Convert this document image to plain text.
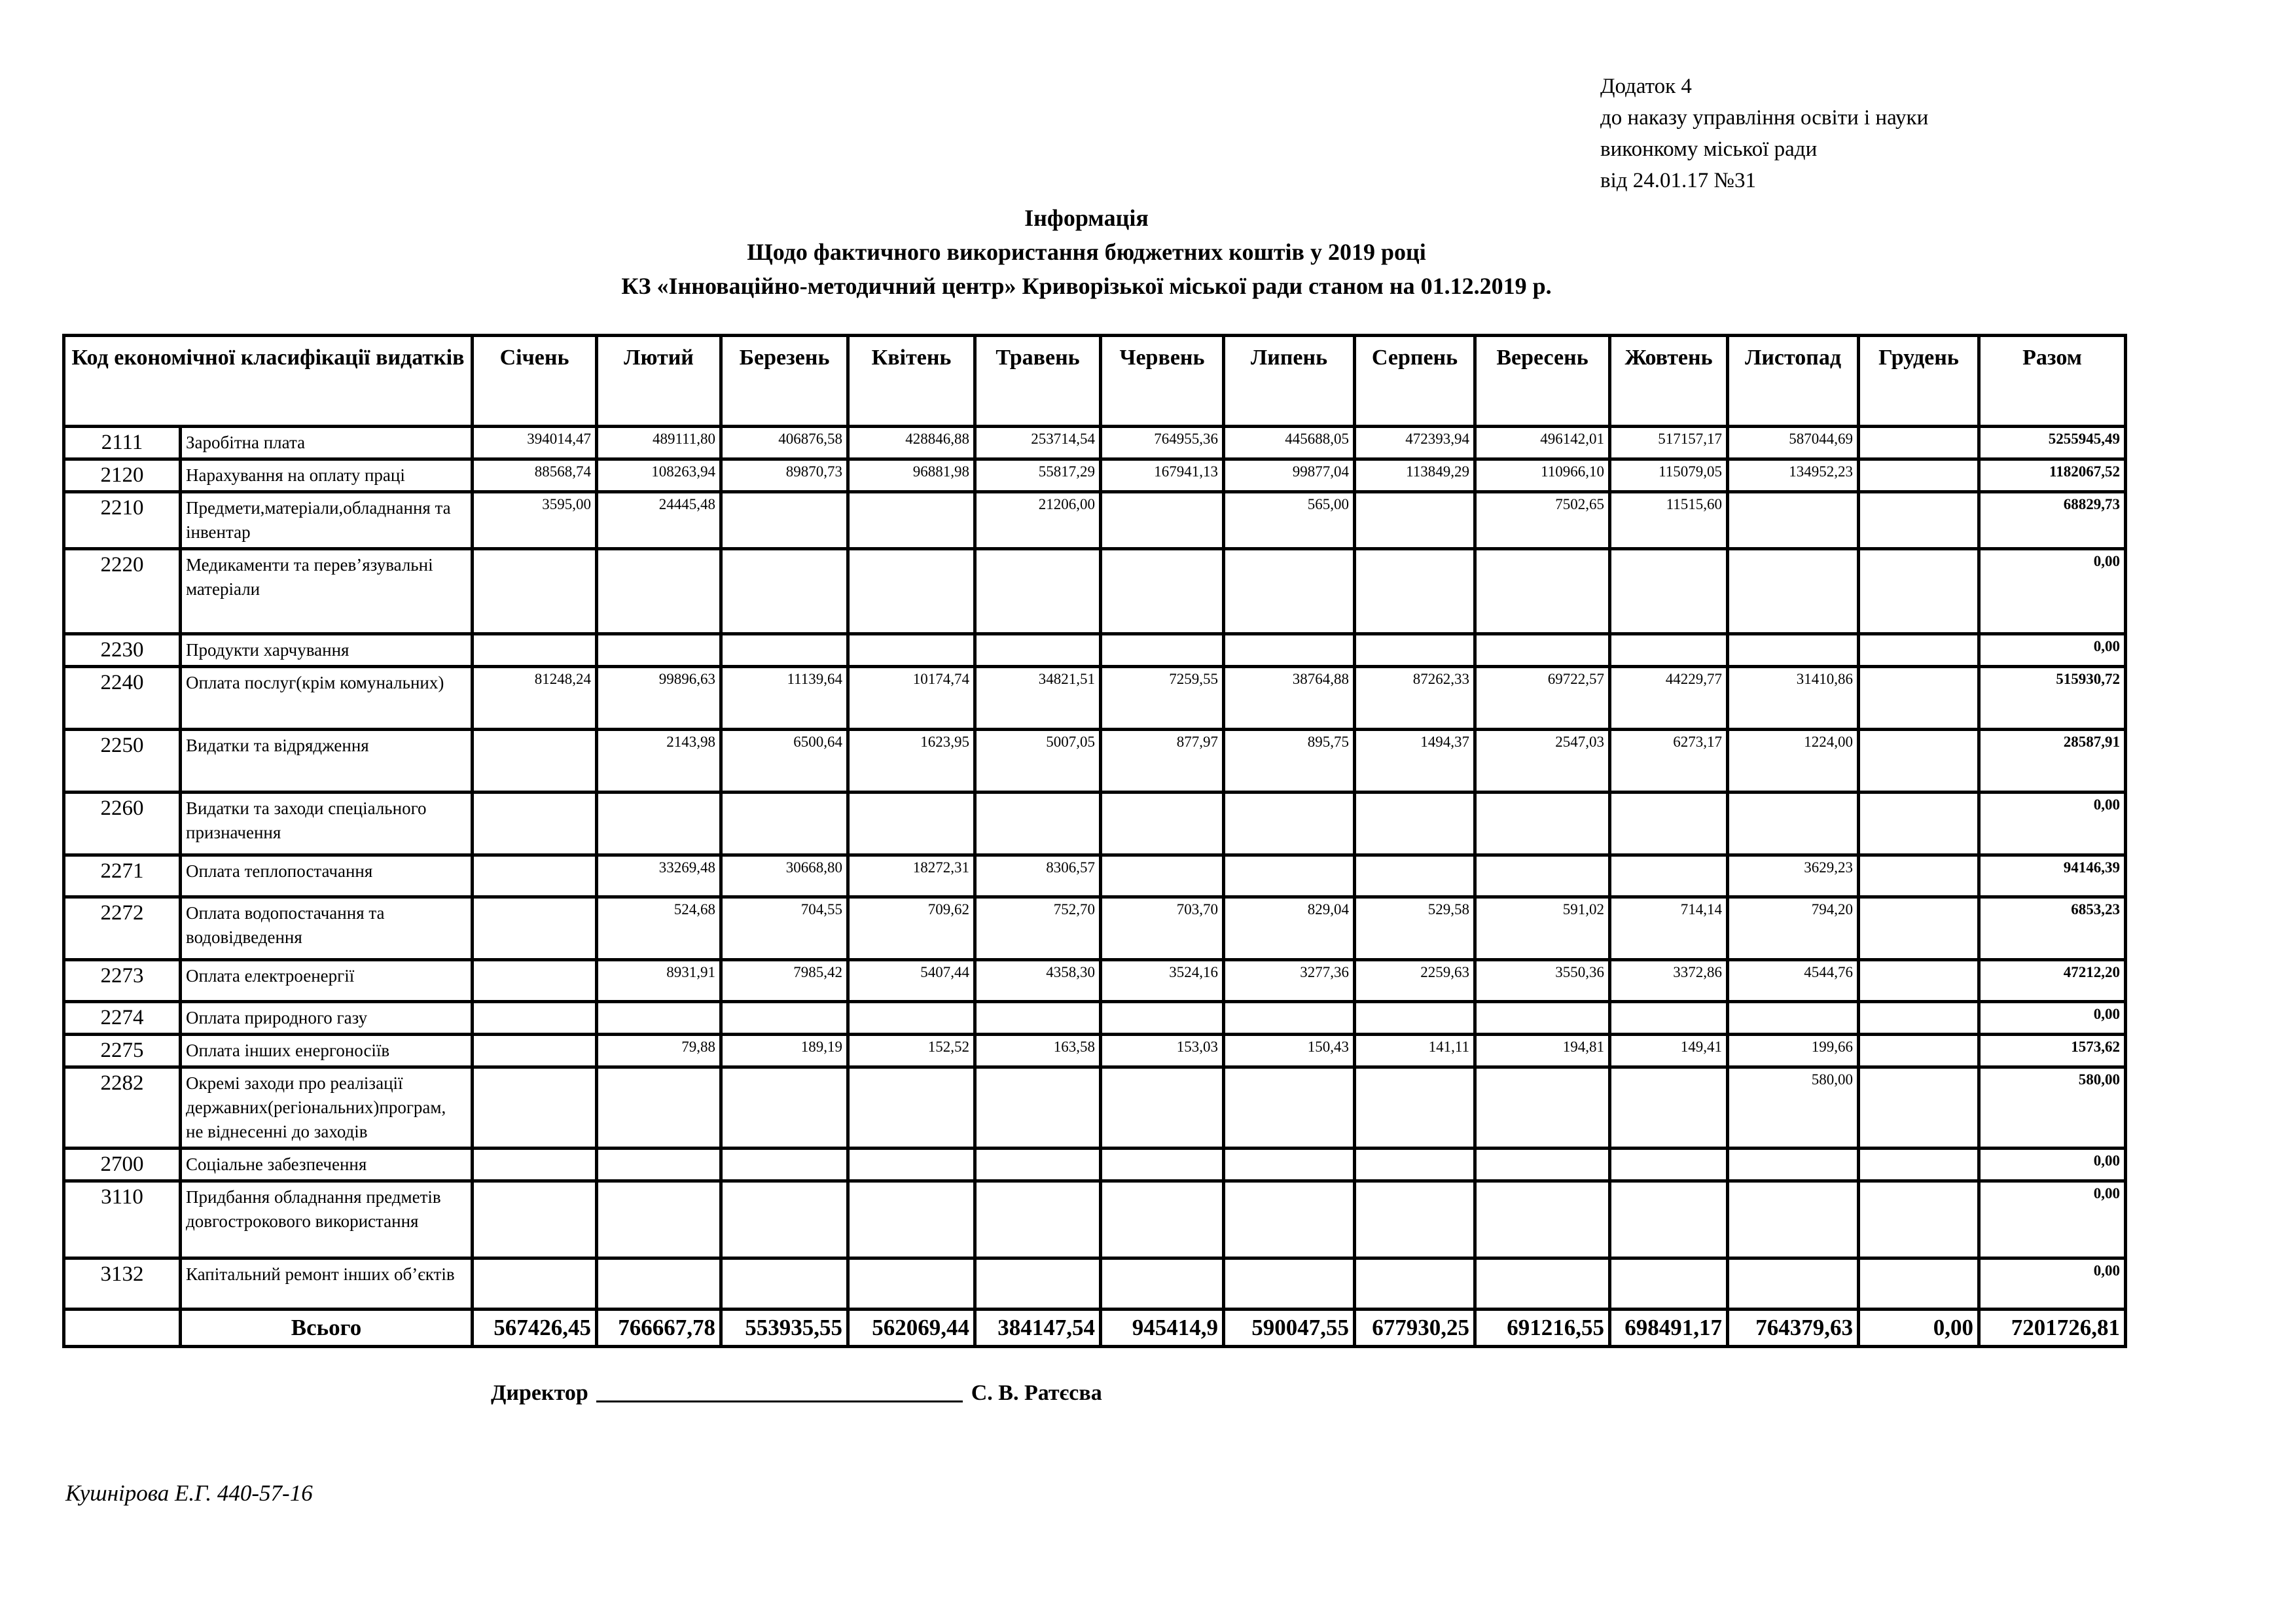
Додаток 4
до наказу управління освіти і науки
виконкому міської ради
від 24.01.17 №31
Інформація
Щодо фактичного використання бюджетних коштів у 2019 році
КЗ «Інноваційно-методичний центр» Криворізької міської ради станом на 01.12.2019 р.
Код економічної класифікації видатків		Січень	Лютий	Березень	Квітень	Травень	Червень	Липень	Серпень	Вересень	Жовтень	Листопад	Грудень	Разом
2111	Заробітна плата	394014,47	489111,80	406876,58	428846,88	253714,54	764955,36	445688,05	472393,94	496142,01	517157,17	587044,69		5255945,49
2120	Нарахування на оплату праці	88568,74	108263,94	89870,73	96881,98	55817,29	167941,13	99877,04	113849,29	110966,10	115079,05	134952,23		1182067,52
2210	Предмети,матеріали,обладнання та інвентар	3595,00	24445,48			21206,00		565,00		7502,65	11515,60			68829,73
2220	Медикаменти та перев’язувальні матеріали													0,00
2230	Продукти харчування													0,00
2240	Оплата послуг(крім комунальних)	81248,24	99896,63	11139,64	10174,74	34821,51	7259,55	38764,88	87262,33	69722,57	44229,77	31410,86		515930,72
2250	Видатки та відрядження		2143,98	6500,64	1623,95	5007,05	877,97	895,75	1494,37	2547,03	6273,17	1224,00		28587,91
2260	Видатки та заходи спеціального призначення													0,00
2271	Оплата теплопостачання		33269,48	30668,80	18272,31	8306,57						3629,23		94146,39
2272	Оплата водопостачання та водовідведення		524,68	704,55	709,62	752,70	703,70	829,04	529,58	591,02	714,14	794,20		6853,23
2273	Оплата електроенергії		8931,91	7985,42	5407,44	4358,30	3524,16	3277,36	2259,63	3550,36	3372,86	4544,76		47212,20
2274	Оплата природного газу													0,00
2275	Оплата інших енергоносіїв		79,88	189,19	152,52	163,58	153,03	150,43	141,11	194,81	149,41	199,66		1573,62
2282	Окремі заходи про реалізації державних(регіональних)програм, не віднесенні до заходів											580,00		580,00
2700	Соціальне забезпечення													0,00
3110	Придбання обладнання предметів довгострокового використання													0,00
3132	Капітальний ремонт інших об’єктів													0,00
	Всього	567426,45	766667,78	553935,55	562069,44	384147,54	945414,9	590047,55	677930,25	691216,55	698491,17	764379,63	0,00	7201726,81
Директор	С. В. Ратєсва
Кушнірова Е.Г. 440-57-16
